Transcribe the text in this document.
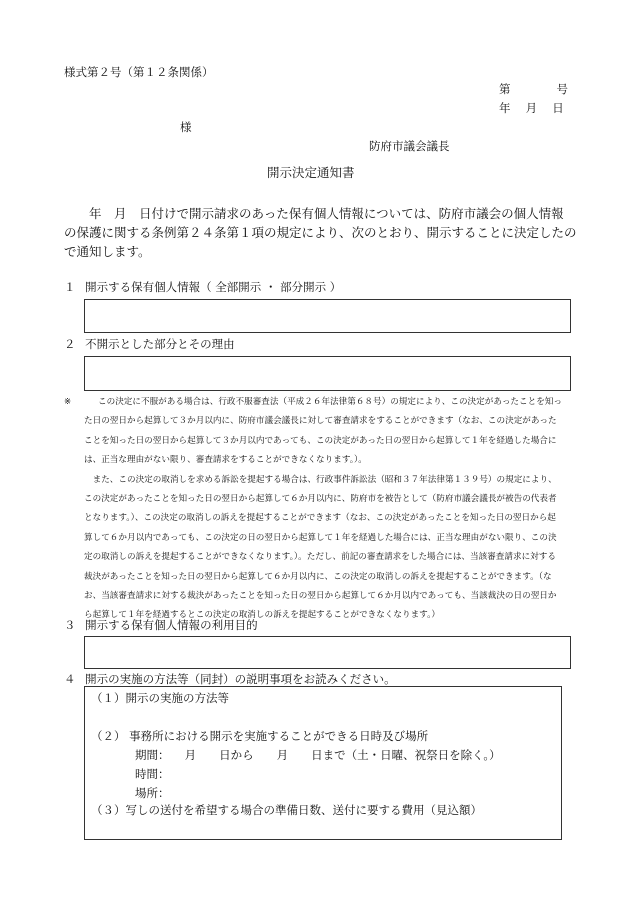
様式第２号（第１２条関係）
第　　　　号
年　 月　 日
様
防府市議会議長
開示決定通知書
　　年　月　日付けで開示請求のあった保有個人情報については、防府市議会の個人情報
の保護に関する条例第２４条第１項の規定により、次のとおり、開示することに決定したの
で通知します。
１ 開示する保有個人情報（ 全部開示 ・ 部分開示 ）
２ 不開示とした部分とその理由
※	この決定に不服がある場合は、行政不服審査法（平成２６年法律第６８号）の規定により、この決定があったことを知っ
た日の翌日から起算して３か月以内に、防府市議会議長に対して審査請求をすることができます（なお、この決定があった
ことを知った日の翌日から起算して３か月以内であっても、この決定があった日の翌日から起算して１年を経過した場合に
は、正当な理由がない限り、審査請求をすることができなくなります。）。
　また、この決定の取消しを求める訴訟を提起する場合は、行政事件訴訟法（昭和３７年法律第１３９号）の規定により、
この決定があったことを知った日の翌日から起算して６か月以内に、防府市を被告として（防府市議会議長が被告の代表者
となります。）、この決定の取消しの訴えを提起することができます（なお、この決定があったことを知った日の翌日から起
算して６か月以内であっても、この決定の日の翌日から起算して１年を経過した場合には、正当な理由がない限り、この決
定の取消しの訴えを提起することができなくなります。）。ただし、前記の審査請求をした場合には、当該審査請求に対する
裁決があったことを知った日の翌日から起算して６か月以内に、この決定の取消しの訴えを提起することができます。（な
お、当該審査請求に対する裁決があったことを知った日の翌日から起算して６か月以内であっても、当該裁決の日の翌日か
ら起算して１年を経過するとこの決定の取消しの訴えを提起することができなくなります。）
３ 開示する保有個人情報の利用目的
４ 開示の実施の方法等（同封）の説明事項をお読みください。
（１）開示の実施の方法等
（２） 事務所における開示を実施することができる日時及び場所
期間： 　月　　日から　　月　　日まで（土・日曜、祝祭日を除く。）
時間：
場所：
（３）写しの送付を希望する場合の準備日数、送付に要する費用（見込額）
